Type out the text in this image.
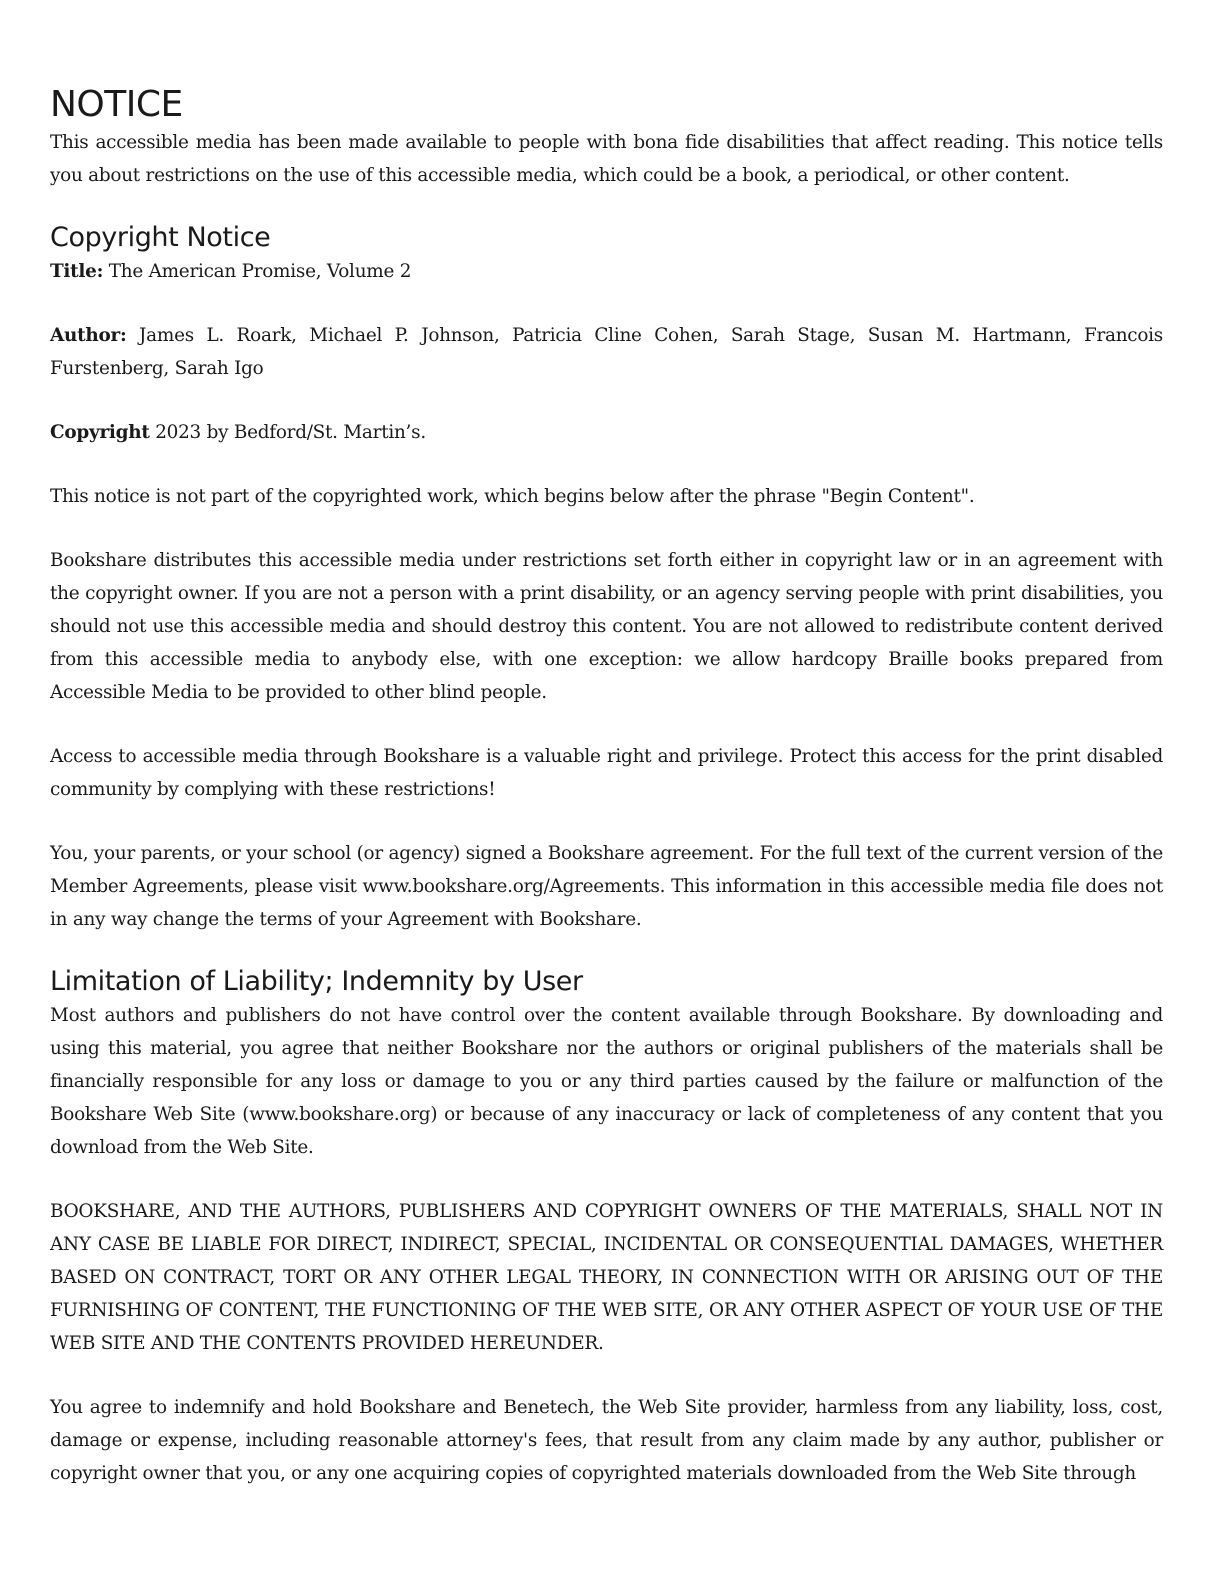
NOTICE

This accessible media has been made available to people with bona fide disabilities that affect reading. This notice tells you about restrictions on the use of this accessible media, which could be a book, a periodical, or other content.

Copyright Notice

Title: The American Promise, Volume 2

Author: James L. Roark, Michael P. Johnson, Patricia Cline Cohen, Sarah Stage, Susan M. Hartmann, Francois Furstenberg, Sarah Igo

Copyright 2023 by Bedford/St. Martin’s.

This notice is not part of the copyrighted work, which begins below after the phrase "Begin Content".

Bookshare distributes this accessible media under restrictions set forth either in copyright law or in an agreement with the copyright owner. If you are not a person with a print disability, or an agency serving people with print disabilities, you should not use this accessible media and should destroy this content. You are not allowed to redistribute content derived from this accessible media to anybody else, with one exception: we allow hardcopy Braille books prepared from Accessible Media to be provided to other blind people.

Access to accessible media through Bookshare is a valuable right and privilege. Protect this access for the print disabled community by complying with these restrictions!

You, your parents, or your school (or agency) signed a Bookshare agreement. For the full text of the current version of the Member Agreements, please visit www.bookshare.org/Agreements. This information in this accessible media file does not in any way change the terms of your Agreement with Bookshare.

Limitation of Liability; Indemnity by User

Most authors and publishers do not have control over the content available through Bookshare. By downloading and using this material, you agree that neither Bookshare nor the authors or original publishers of the materials shall be financially responsible for any loss or damage to you or any third parties caused by the failure or malfunction of the Bookshare Web Site (www.bookshare.org) or because of any inaccuracy or lack of completeness of any content that you download from the Web Site.

BOOKSHARE, AND THE AUTHORS, PUBLISHERS AND COPYRIGHT OWNERS OF THE MATERIALS, SHALL NOT IN ANY CASE BE LIABLE FOR DIRECT, INDIRECT, SPECIAL, INCIDENTAL OR CONSEQUENTIAL DAMAGES, WHETHER BASED ON CONTRACT, TORT OR ANY OTHER LEGAL THEORY, IN CONNECTION WITH OR ARISING OUT OF THE FURNISHING OF CONTENT, THE FUNCTIONING OF THE WEB SITE, OR ANY OTHER ASPECT OF YOUR USE OF THE WEB SITE AND THE CONTENTS PROVIDED HEREUNDER.

You agree to indemnify and hold Bookshare and Benetech, the Web Site provider, harmless from any liability, loss, cost, damage or expense, including reasonable attorney's fees, that result from any claim made by any author, publisher or copyright owner that you, or any one acquiring copies of copyrighted materials downloaded from the Web Site through
